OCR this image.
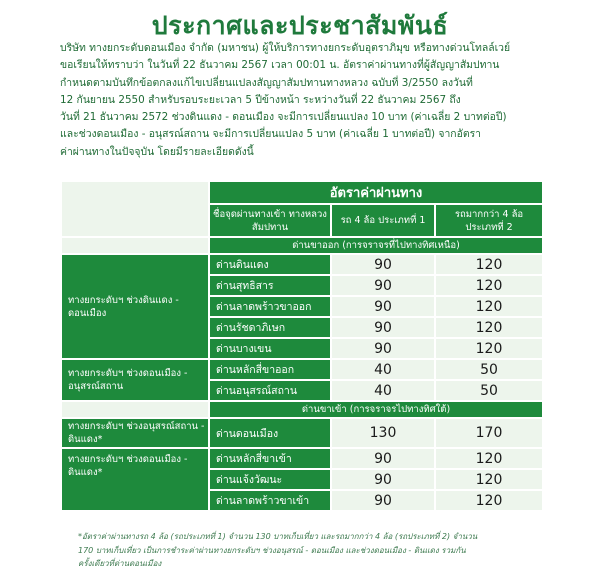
ประกาศและประชาสัมพันธ์
บริษัท ทางยกระดับดอนเมือง จำกัด (มหาชน) ผู้ให้บริการทางยกระดับอุตราภิมุข หรือทางด่วนโทลล์เวย์
ขอเรียนให้ทราบว่า ในวันที่ 22 ธันวาคม 2567 เวลา 00:01 น. อัตราค่าผ่านทางที่ผู้สัญญาสัมปทาน
กำหนดตามบันทึกข้อตกลงแก้ไขเปลี่ยนแปลงสัญญาสัมปทานทางหลวง ฉบับที่ 3/2550 ลงวันที่
12 กันยายน 2550 สำหรับรอบระยะเวลา 5 ปีข้างหน้า ระหว่างวันที่ 22 ธันวาคม 2567 ถึง
วันที่ 21 ธันวาคม 2572 ช่วงดินแดง - ดอนเมือง จะมีการเปลี่ยนแปลง 10 บาท (ค่าเฉลี่ย 2 บาทต่อปี)
และช่วงดอนเมือง - อนุสรณ์สถาน จะมีการเปลี่ยนแปลง 5 บาท (ค่าเฉลี่ย 1 บาทต่อปี) จากอัตรา
ค่าผ่านทางในปัจจุบัน โดยมีรายละเอียดดังนี้
	อัตราค่าผ่านทาง		
	ชื่อจุดผ่านทางเข้า ทางหลวงสัมปทาน	รถ 4 ล้อ ประเภทที่ 1	รถมากกว่า 4 ล้อ ประเภทที่ 2
	ด่านขาออก (การจราจรที่ไปทางทิศเหนือ)		
ทางยกระดับฯ ช่วงดินแดง - ดอนเมือง	ด่านดินแดง	90	120
	ด่านสุทธิสาร	90	120
	ด่านลาดพร้าวขาออก	90	120
	ด่านรัชดาภิเษก	90	120
	ด่านบางเขน	90	120
ทางยกระดับฯ ช่วงดอนเมือง - อนุสรณ์สถาน	ด่านหลักสี่ขาออก	40	50
	ด่านอนุสรณ์สถาน	40	50
	ด่านขาเข้า (การจราจรไปทางทิศใต้)		
ทางยกระดับฯ ช่วงอนุสรณ์สถาน - ดินแดง*	ด่านดอนเมือง	130	170
ทางยกระดับฯ ช่วงดอนเมือง - ดินแดง*	ด่านหลักสี่ขาเข้า	90	120
	ด่านแจ้งวัฒนะ	90	120
	ด่านลาดพร้าวขาเข้า	90	120
*อัตราค่าผ่านทางรถ 4 ล้อ (รถประเภทที่ 1) จำนวน 130 บาทเก็บเที่ยว และรถมากกว่า 4 ล้อ (รถประเภทที่ 2) จำนวน
170 บาทเก็บเที่ยว เป็นการชำระค่าผ่านทางยกระดับฯ ช่วงอนุสรณ์ - ดอนเมือง และช่วงดอนเมือง - ดินแดง รวมกัน
ครั้งเดียวที่ด่านดอนเมือง
